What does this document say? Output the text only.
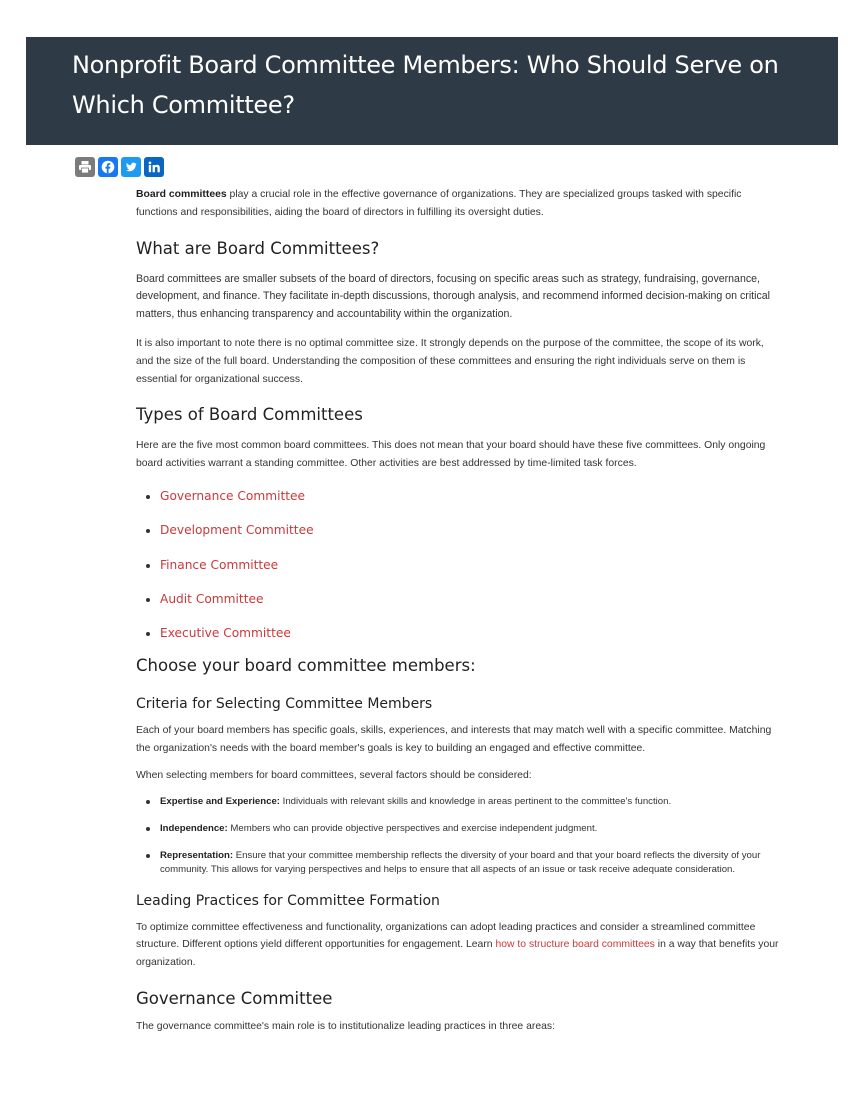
Nonprofit Board Committee Members: Who Should Serve on Which Committee?

Board committees play a crucial role in the effective governance of organizations. They are specialized groups tasked with specific functions and responsibilities, aiding the board of directors in fulfilling its oversight duties.

What are Board Committees?

Board committees are smaller subsets of the board of directors, focusing on specific areas such as strategy, fundraising, governance, development, and finance. They facilitate in-depth discussions, thorough analysis, and recommend informed decision-making on critical matters, thus enhancing transparency and accountability within the organization.

It is also important to note there is no optimal committee size. It strongly depends on the purpose of the committee, the scope of its work, and the size of the full board. Understanding the composition of these committees and ensuring the right individuals serve on them is essential for organizational success.

Types of Board Committees

Here are the five most common board committees. This does not mean that your board should have these five committees. Only ongoing board activities warrant a standing committee. Other activities are best addressed by time-limited task forces.

Governance Committee
Development Committee
Finance Committee
Audit Committee
Executive Committee
Choose your board committee members:
Criteria for Selecting Committee Members

Each of your board members has specific goals, skills, experiences, and interests that may match well with a specific committee. Matching the organization's needs with the board member's goals is key to building an engaged and effective committee.

When selecting members for board committees, several factors should be considered:

Expertise and Experience: Individuals with relevant skills and knowledge in areas pertinent to the committee's function.
Independence: Members who can provide objective perspectives and exercise independent judgment.
Representation: Ensure that your committee membership reflects the diversity of your board and that your board reflects the diversity of your community. This allows for varying perspectives and helps to ensure that all aspects of an issue or task receive adequate consideration.
Leading Practices for Committee Formation

To optimize committee effectiveness and functionality, organizations can adopt leading practices and consider a streamlined committee structure. Different options yield different opportunities for engagement. Learn how to structure board committees in a way that benefits your organization.

Governance Committee

The governance committee's main role is to institutionalize leading practices in three areas:
